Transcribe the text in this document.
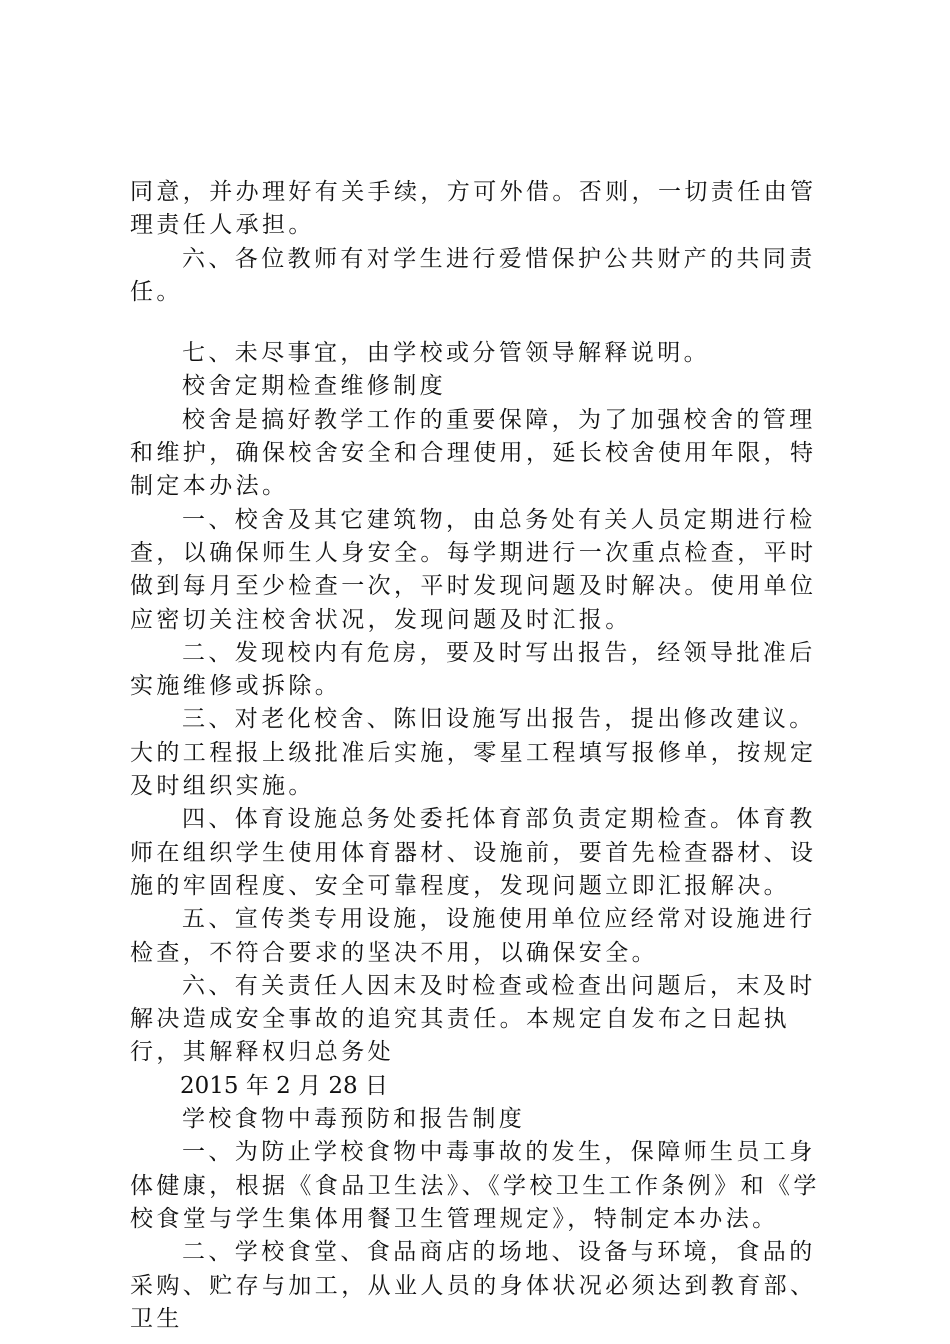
同意，并办理好有关手续，方可外借。否则，一切责任由管理责任人承担。

六、各位教师有对学生进行爱惜保护公共财产的共同责任。

七、未尽事宜，由学校或分管领导解释说明。

校舍定期检查维修制度

校舍是搞好教学工作的重要保障，为了加强校舍的管理和维护，确保校舍安全和合理使用，延长校舍使用年限，特制定本办法。

一、校舍及其它建筑物，由总务处有关人员定期进行检查，以确保师生人身安全。每学期进行一次重点检查，平时做到每月至少检查一次，平时发现问题及时解决。使用单位应密切关注校舍状况，发现问题及时汇报。

二、发现校内有危房，要及时写出报告，经领导批准后实施维修或拆除。

三、对老化校舍、陈旧设施写出报告，提出修改建议。大的工程报上级批准后实施，零星工程填写报修单，按规定及时组织实施。

四、体育设施总务处委托体育部负责定期检查。体育教师在组织学生使用体育器材、设施前，要首先检查器材、设施的牢固程度、安全可靠程度，发现问题立即汇报解决。

五、宣传类专用设施，设施使用单位应经常对设施进行检查，不符合要求的坚决不用，以确保安全。

六、有关责任人因末及时检查或检查出问题后，末及时解决造成安全事故的追究其责任。本规定自发布之日起执行，其解释权归总务处

2015 年 2 月 28 日

学校食物中毒预防和报告制度

一、为防止学校食物中毒事故的发生，保障师生员工身体健康，根据《食品卫生法》、《学校卫生工作条例》和《学校食堂与学生集体用餐卫生管理规定》，特制定本办法。

二、学校食堂、食品商店的场地、设备与环境，食品的采购、贮存与加工，从业人员的身体状况必须达到教育部、卫生
